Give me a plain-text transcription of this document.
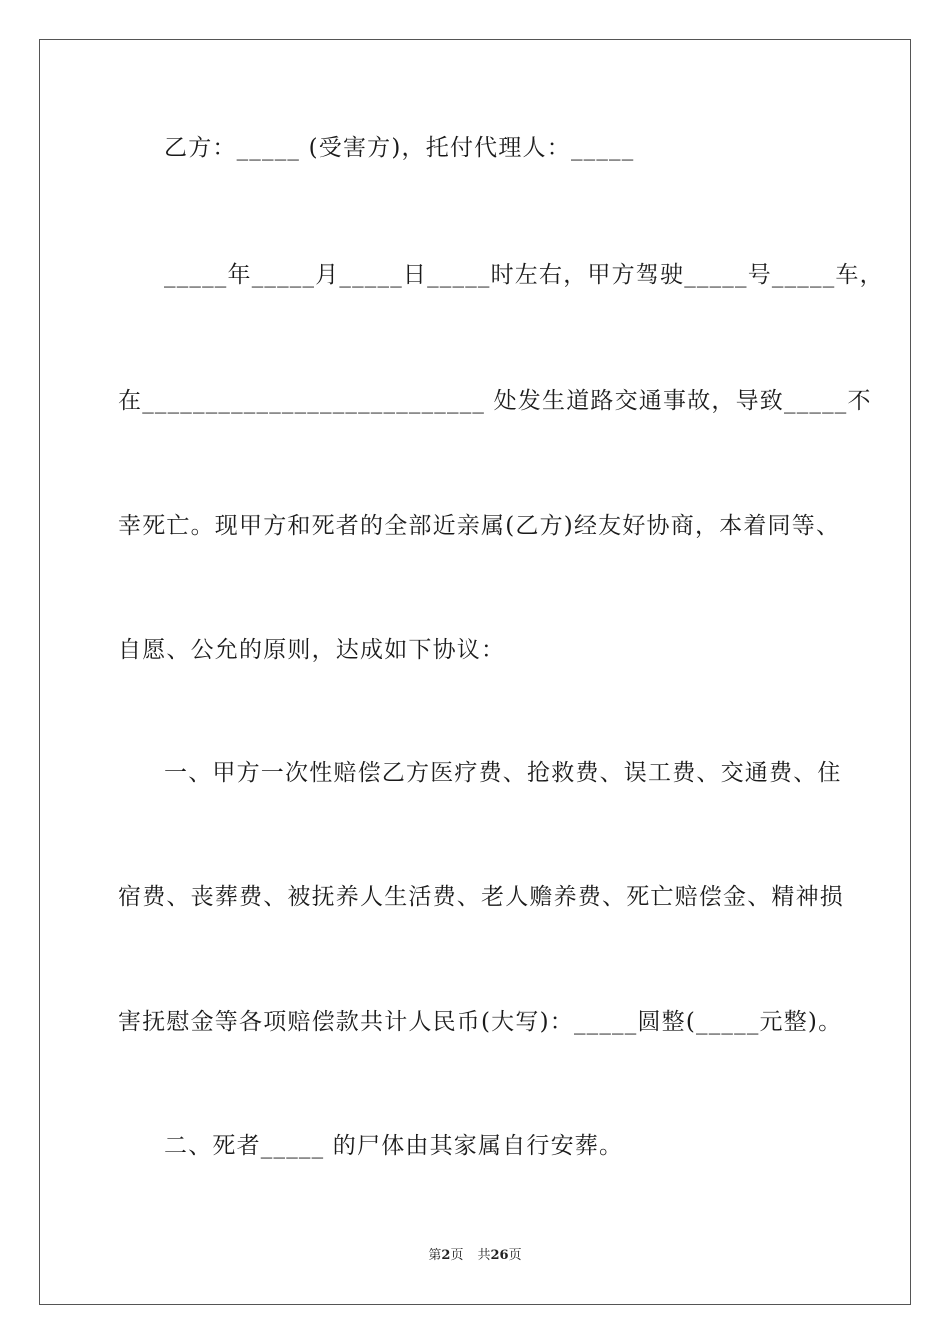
乙方：_____ (受害方)，托付代理人：_____
_____年_____月_____日_____时左右，甲方驾驶_____号_____车，
在___________________________ 处发生道路交通事故，导致_____不
幸死亡。现甲方和死者的全部近亲属(乙方)经友好协商，本着同等、
自愿、公允的原则，达成如下协议：
一、甲方一次性赔偿乙方医疗费、抢救费、误工费、交通费、住
宿费、丧葬费、被抚养人生活费、老人赡养费、死亡赔偿金、精神损
害抚慰金等各项赔偿款共计人民币(大写)：_____圆整(_____元整)。
二、死者_____ 的尸体由其家属自行安葬。
第2页 共26页
